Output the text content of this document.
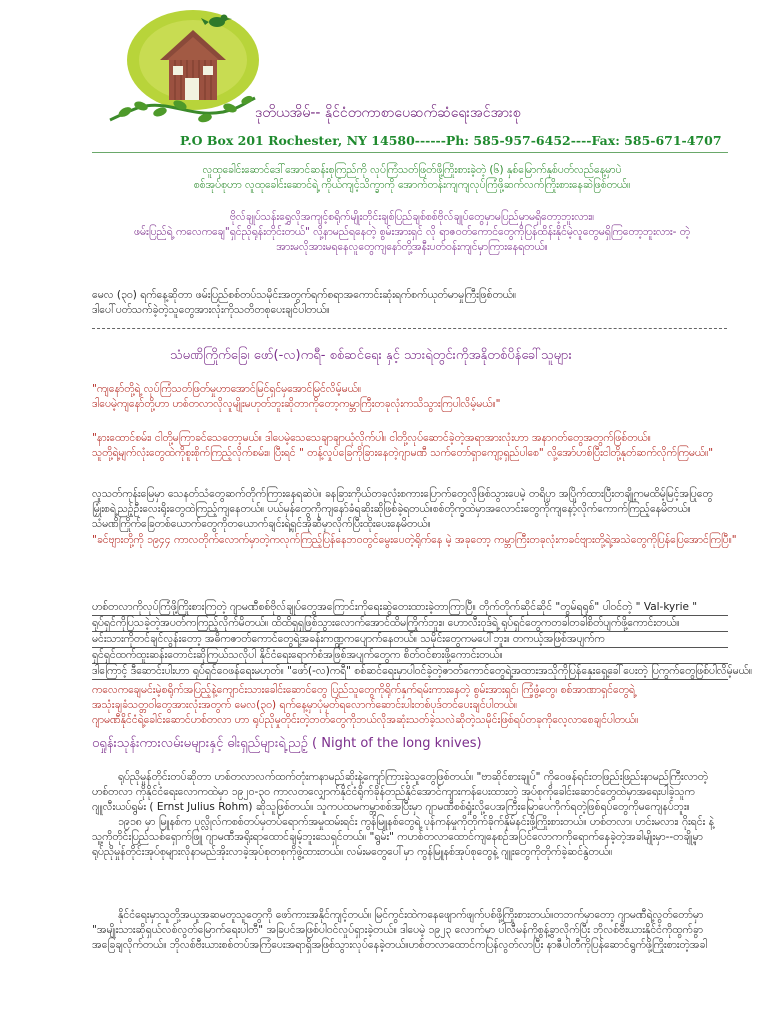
ဒုတိယအိမ်-- နိုင်ငံတကာစာပေဆက်ဆံရေးအင်အားစု
P.O Box 201 Rochester, NY 14580------Ph: 585-957-6452----Fax: 585-671-4707
လူထုခေါင်းဆောင်ဒေါ်အောင်ဆန်းစုကြည်ကို လုပ်ကြံသတ်ဖြတ်ဖို့ကြိုးစားခဲ့တဲ့ (၆) နှစ်မြောက်နှစ်ပတ်လည်နေ့မှာပဲ
စစ်အုပ်စုဟာ လူထုခေါင်းဆောင်ရဲ့ ကိုယ်ကျင့်သိက္ခာကို အောက်တန်းကျကျလုပ်ကြံဖို့ဆက်လက်ကြိုးစားနေဆဲဖြစ်တယ်။
ဗိုလ်ချုပ်သန်းရွှေလိုအကျင့်စရိုက်မျိုးတိုင်းချစ်ပြည်ချစ်စစ်ဗိုလ်ချုပ်တွေမှာမပြည်မှာမရှိတော့ဘူးလား။
ဖမ်းပြည်ရဲ့ ကလေကချေ"ရှင်ညိုရုန်းတိုင်းတယ်" လို့နာမည်ရနေတဲ့ စွမ်းအားရှင် လို ရာဇဝတ်ကောင်တွေကိုပြန်ထိန်းနိုင်မဲ့လူတွေမရှိကြတော့ဘူးလား- တဲ့
အားမလိုအားမရနေလူတွေကျနော်တို့အနီးပတ်ဝန်းကျင်မှာကြားနေရတယ်။
မေလ (၃၀) ရက်နေ့ဆိုတာ ဖမ်းပြည်စစ်တပ်သမိုင်းအတွက်ရက်စရာအကောင်းဆုံးရက်စက်ယုတ်မာမှုကြီးဖြစ်တယ်။
ဒါပေါ်ပတ်သက်ခဲ့တဲ့သူတွေအားလုံးကိုသတိတစုပေးချင်ပါတယ်။
သံမဏိကြိုက်ခြေ၊ ဖော်(-လ)ကရီ- စစ်ဆင်ရေး နှင့် သားရဲတွင်းကိုအနိုတစ်ပိန်ခေါ်သူများ
"ကျနော်တို့ရဲ့ လုပ်ကြံသတ်ဖြတ်မှုဟာအောင်မြင်ရှင်မှအောင်မြင်လိမ့်မယ်။
ဒါပေမဲ့ကျနော်တို့ဟာ ဟစ်တလာလိုလူမျိုးမဟုတ်ဘူးဆိုတာကိုတော့ကမ္ဘာကြီးတခုလုံးကသိသွားကြပါလိမ့်မယ်။"
"နားထောင်စမ်း၊ ငါတို့မကြာခင်သေတော့မယ်။ ဒါပေမဲ့သေသေချာချာယုံလိုက်ပါ။ ငါတို့လုပ်ဆောင်ခဲ့တဲ့အရာအားလုံးဟာ အနာဂတ်တွေအတွက်ဖြစ်တယ်။
သူတို့ရဲ့မျက်လုံးတွေထဲကိုစူးစိုက်ကြည့်လိုက်စမ်း။ ပြီးရင် " တန့်လှုပ်ခြေကိုခြားနေတဲ့ဂျာမဏီ သက်တော်ရှာကျော့ရှည်ပါစေ" လို့အော်ဟစ်ပြီးငါတို့နုတ်ဆက်လိုက်ကြမယ်။"
လူသတ်ကုန်းမြေမှာ သေနတ်သံတွေဆက်တိုက်ကြားနေရဆဲပဲ။ ခနခြားကိုယ်တခုလုံးစကားပြောက်တွေလိုဖြစ်သွားပေမဲ့ တရိပ္ပာ အပြိုက်ထားပြီးတချို့ကမထိမ့်မြင့်အပြုတွေ
မြှုံးစရဲ့ညဉ့်ဦးလေးရိုးတွေထဲကြည့်ကျနေတယ်။ ပယ်မှန်တွေကိုကျနော်ခံရဆိုးဆိုဖြစ်ခဲ့ရတယ်။စစ်တိုက္ခထဲမှာအလောင်းတွေကိုကျနော့်လိုက်ကောက်ကြည့်နေမိတယ်။
သံမဏိကြိုက်ခြေတစ်ယောက်တွေကိုတယောက်ချင်းရဲ့ရှင်အိုဆီမှာလိုက်ပြီးထိုးပေးနေမိတယ်။
"ခင်ဗျားတို့ကို ၁၉၄၄ ကာလတိုက်လောက်မှာတဲ့ကလုက်ကြည့်ပြန်နေဘဝတွင်မွေးပေတဲ့ရိုက်နေ မဲ့ အခုတော့ ကမ္ဘာကြီးတခုလုံးကခင်ဗျားတို့ရဲ့အသဲတွေကိုပြန်ပြေအောင်ကြပြီ။"
ဟစ်တလာကိုလုပ်ကြံဖို့ကြိုးစားကြတဲ့ ဂျာမဏီစစ်ဗိုလ်ချုပ်တွေအကြောင်းကိုရေးဆွဲတေးထားခဲ့တာကြာပြီ။ တိုက်တိုက်ဆိုင်ဆိုင် "တွမ်ရရုစ်" ပါဝင်တဲ့ " Val-kyrie "
ရုပ်ရှင်ကိုပြသခဲ့တဲ့အပတ်ကကြည့်လိုက်မိတယ်။ ထိထိရှရှဖြစ်သွားလောက်အောင်ထိမကြိုက်ဘူး။ ဟောလီးဝုဒ်ရဲ့ ရုပ်ရှင်တွေကတခါတခါစိတ်ပျက်ဖို့ကောင်းတယ်။
မင်းသားကိုတင်ချင်လွန်းတော့ အဓိကဇာတ်ကောင်တွေရဲ့အခန်းကဏ္ဍကပျောက်နေတယ်။ သမိုင်းတွေကမပေါ်ဘူး။ တကယ့်အဖြစ်အပျက်က
ရှင်ရှင်ထက်ထူးဆန်းတောင်းဆိုကြယ်သလိုပါ နိုင်ငံရေးရောက်စံအဖြစ်အပျက်တွေက စိတ်ဝင်စားဖို့ကောင်းတယ်။
ဒါကြောင့် ဒီဆောင်းပါးဟာ ရုပ်ရှင်ဝေဖန်ရေးမဟုတ်။ "ဖော်(-လ)ကရီ" စစ်ဆင်ရေးမှာပါဝင်ခဲ့တဲ့ဇာတ်ကောင်တွေရဲ့အထားအသိုကိုပြန်နှေးရှေ့ခေါ်ပေးတဲ့ ပြကွက်တွေဖြစ်ပါလိမ့်မယ်။
ကလေကချေမင်းမဲ့စရိုက်အပြည့်နဲ့ကျောင်းသားခေါင်းဆောင်တွေ ပြည်သူတွေကိုရိုက်နှက်ရမ်းကားနေတဲ့ စွမ်းအားရှင်၊ ကြံ့ဖွံ့တွေ၊ စစ်အာဏာရှင်တွေရဲ့
အသုံးချခံသတ္တဝါတွေအားလုံးအတွက် မေလ(၃၀) ရက်နေ့မှာပုံမှတ်ရလောက်ဆောင်းပါးတစ်ပုဒ်တင်ပေးချင်ပါတယ်။
ဂျာမဏီနိုင်ငံရဲ့ခေါင်းဆောင်ဟစ်တလာ ဟာ ရုပ်ညိုမှုတိုင်းတဲ့ဘတ်တွေကိုဘယ်လိုအဆုံးသတ်ခဲ့သလဲဆိုတဲ့သမိုင်းဖြစ်ရပ်တခုကိုလေ့လာစေချင်ပါတယ်။
ဝရှုန်းသုန်းကားလမ်းမများနှင့် ဓါးရှည်များရဲ့ညဉ့် ( Night of the long knives)
ရုပ်ညိုမှုန်တိုင်းတပ်ဆိုတာ ဟစ်တလာလက်ထက်တုံးကနာမည်ဆိုးနဲ့ကျော်ကြားခဲ့သူတွေဖြစ်တယ်။ "ဗာဆိုင်စားချုပ်" ကိုဝေဖန်ရင်းတဖြည်းဖြည်းနာမည်ကြီးလာတဲ့
ဟစ်တလာ ကိုနိုင်ငံရေးလောကထဲမှာ ၁၉၂၀-၃၀ ကာလတလျှောက်နိုင်ငံရိုက်ခိုန်တည်နိုင်အောင်ကျားကန်ပေးထားတဲ့ အုပ်စုကိုခေါင်းဆောင်တွေထဲမှာအရေးပါခဲ့သူက
ဂျူလီးယပ်ရွမ်း ( Ernst Julius Rohm) ဆိုသူဖြစ်တယ်။ သူကပထမကမ္ဘာစစ်အပြီးမှာ ဂျာမဏီစစ်ရှုံးလို့ပေအကြီးမြောပေကိုက်ရတဲ့ဖြစ်ရပ်တွေကိုမကျေနပ်ဘူး။
၁၉၁၈ မှာ မြူနစ်က ပုလ္လိုလ်ကစစ်တပ်မှတပ်ရောက်အမှုထမ်းရင်း ကွန်မြူနစ်တွေရဲ့ ပုန်ကန်မှုကိုတိုက်ခိုက်နှိမ်နင်းဖို့ကြိုးစားတယ်။ ဟစ်တလာ၊ ဟင်းမလား၊ ဂိုးရင်း နဲ့
သူ့ကိုတိုင်းပြည်သစ်ရှောက်ဖြူ ဂျာမဏီအရိုးရာထောင်ချမ့်ဘူးသေရှင်တယ်။ "ရွမ်း" ကဟစ်တလာထောင်ကျနေစဉ်အပြင်လောကကိုရောက်နေခဲ့တဲ့အခါမျိုးမှာ--တချို့မှာ
ရုပ်ညိုမှုန်တိုင်းအုပ်စုများလိုနာမည်အိုးလာခဲ့အုပ်စုတစုကိုဖွဲ့ထားတယ်။ လမ်းမတွေပေါ်မှာ ကွန်မြူနစ်အုပ်စုတွေနဲ့ ဂျူးတွေကိုတိုက်ခဲ့ဆင်နွဲတယ်။
နိုင်ငံရေးမှာသူတို့အယူအဆမတူသူတွေကို ဖော်ကားအနိုင်ကျင့်တယ်။ မြင်ကွင်းထဲကနေဖျောက်ဖျက်ပစ်ဖို့ကြိုးစားတယ်။တဘက်မှာတော့ ဂျာမဏီရဲ့လွတ်တော်မှာ
"အမျိုးသားဆိုရှယ်လစ်လွတ်မြောက်ရေးပါတီ" အခြပင်အဖြစ်ပါဝင်လှုပ်ရှားခဲ့တယ်။ ဒါပေမဲ့ ၁၉၂၃ လောက်မှာ ပါလီမန်ကိုစွန့်ခွာလိုက်ပြီး ဘိုလစ်ဗီးယားနိုင်ငံကိုထွက်ခွာ
အခြေချလိုက်တယ်။ ဘိုလစ်ဗီးယားစစ်တပ်အကြံပေးအရာရှိအဖြစ်သွားလုပ်နေခဲ့တယ်။ဟစ်တလာထောင်ကပြန်လွတ်လာပြီး နာဇီပါတီကိုပြန်ဆောင်ရွက်ဖို့ကြိုးစားတဲ့အခါ
